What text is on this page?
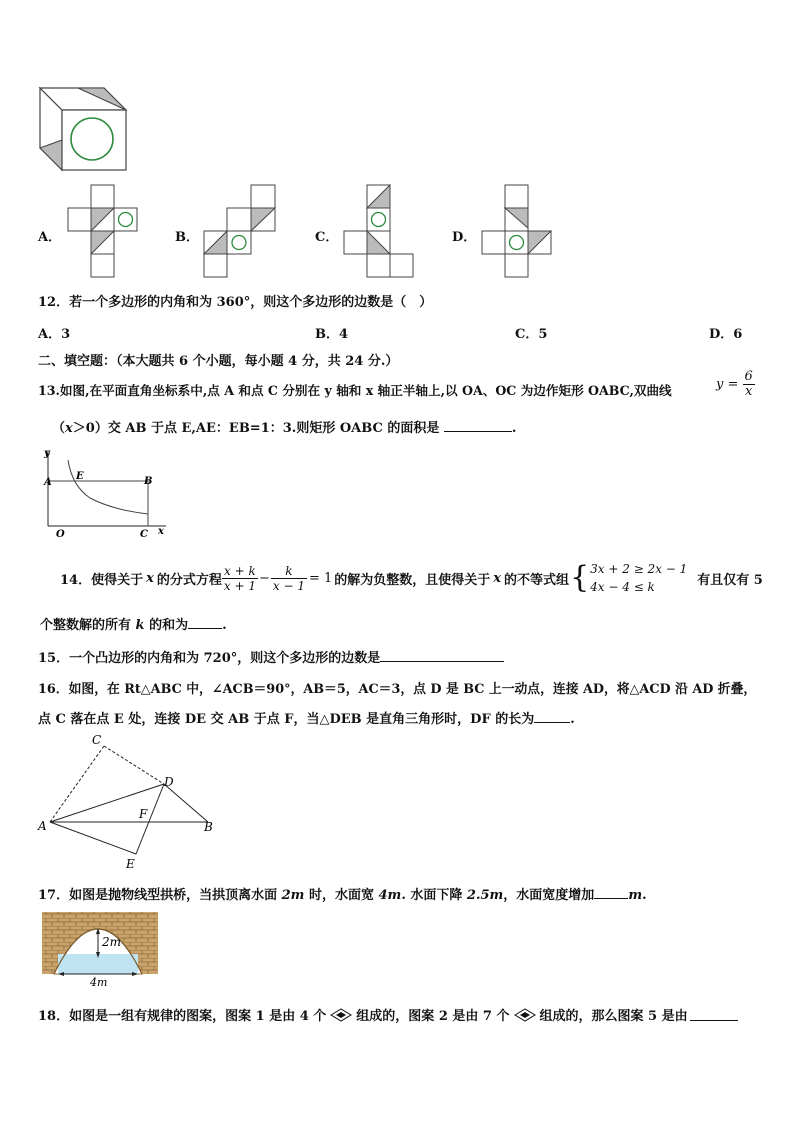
A．	B．	C．	D．
12．若一个多边形的内角和为 360°，则这个多边形的边数是（　）
A．3	B．4	C．5	D．6
二、填空题：（本大题共 6 个小题，每小题 4 分，共 24 分.）
13.如图,在平面直角坐标系中,点 A 和点 C 分别在 y 轴和 x 轴正半轴上,以 OA、OC 为边作矩形 OABC,双曲线	$y = \frac{6}{x}$
（x＞0）交 AB 于点 E,AE：EB=1：3.则矩形 OABC 的面积是	.
y
x
A
E	B
O	C
14．使得关于 x 的分式方程 $\frac{x + k}{x + 1} - \frac{k}{x - 1} = 1$ 的解为负整数，且使得关于 x 的不等式组 { 3x + 2 ≥ 2x − 1
4x − 4 ≤ k	有且仅有 5
个整数解的所有 k 的和为	.
15．一个凸边形的内角和为 720°，则这个多边形的边数是
16．如图，在 Rt△ABC 中，∠ACB＝90°，AB＝5，AC＝3，点 D 是 BC 上一动点，连接 AD，将△ACD 沿 AD 折叠，
点 C 落在点 E 处，连接 DE 交 AB 于点 F，当△DEB 是直角三角形时，DF 的长为	.
C
D
A
F
B
E
17．如图是抛物线型拱桥，当拱顶离水面 2m 时，水面宽 4m. 水面下降 2.5m，水面宽度增加	m.
2m
4m
18．如图是一组有规律的图案，图案 1 是由 4 个 组成的，图案 2 是由 7 个 组成的，那么图案 5 是由
